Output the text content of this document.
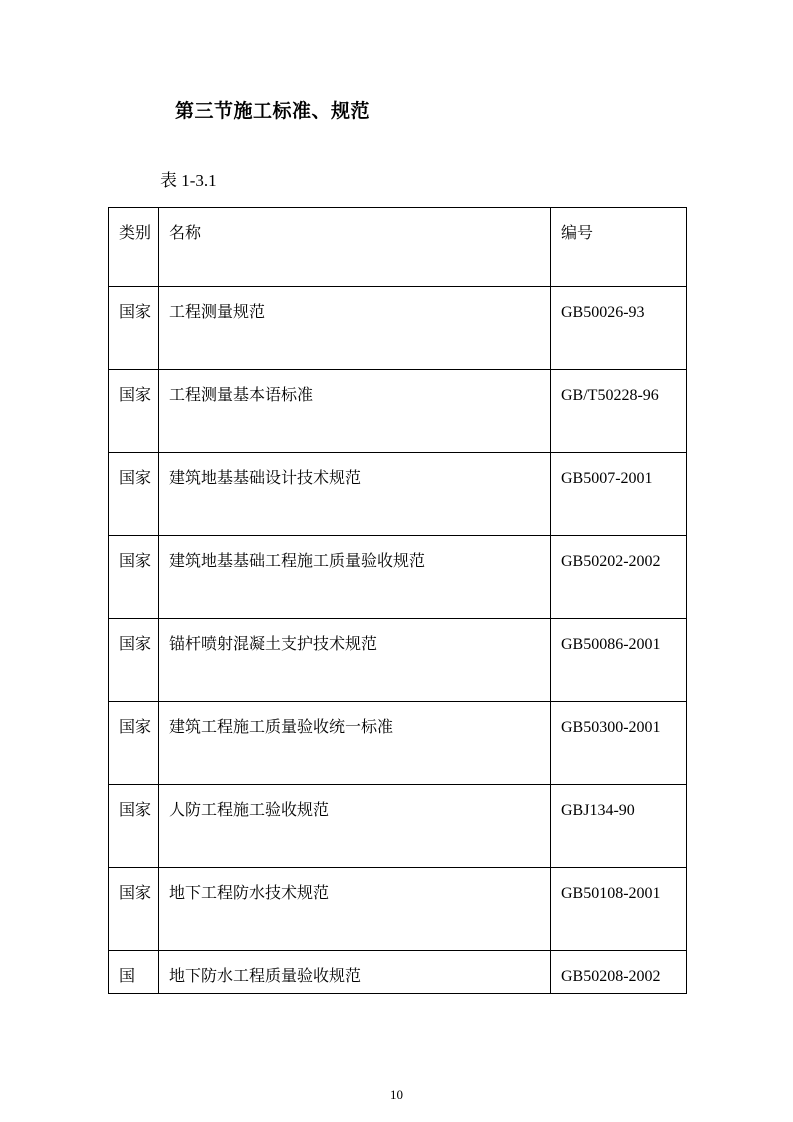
第三节施工标准、规范
表 1-3.1
类别	名称	编号
国家	工程测量规范	GB50026-93
国家	工程测量基本语标准	GB/T50228-96
国家	建筑地基基础设计技术规范	GB5007-2001
国家	建筑地基基础工程施工质量验收规范	GB50202-2002
国家	锚杆喷射混凝土支护技术规范	GB50086-2001
国家	建筑工程施工质量验收统一标准	GB50300-2001
国家	人防工程施工验收规范	GBJ134-90
国家	地下工程防水技术规范	GB50108-2001
国	地下防水工程质量验收规范	GB50208-2002
10
